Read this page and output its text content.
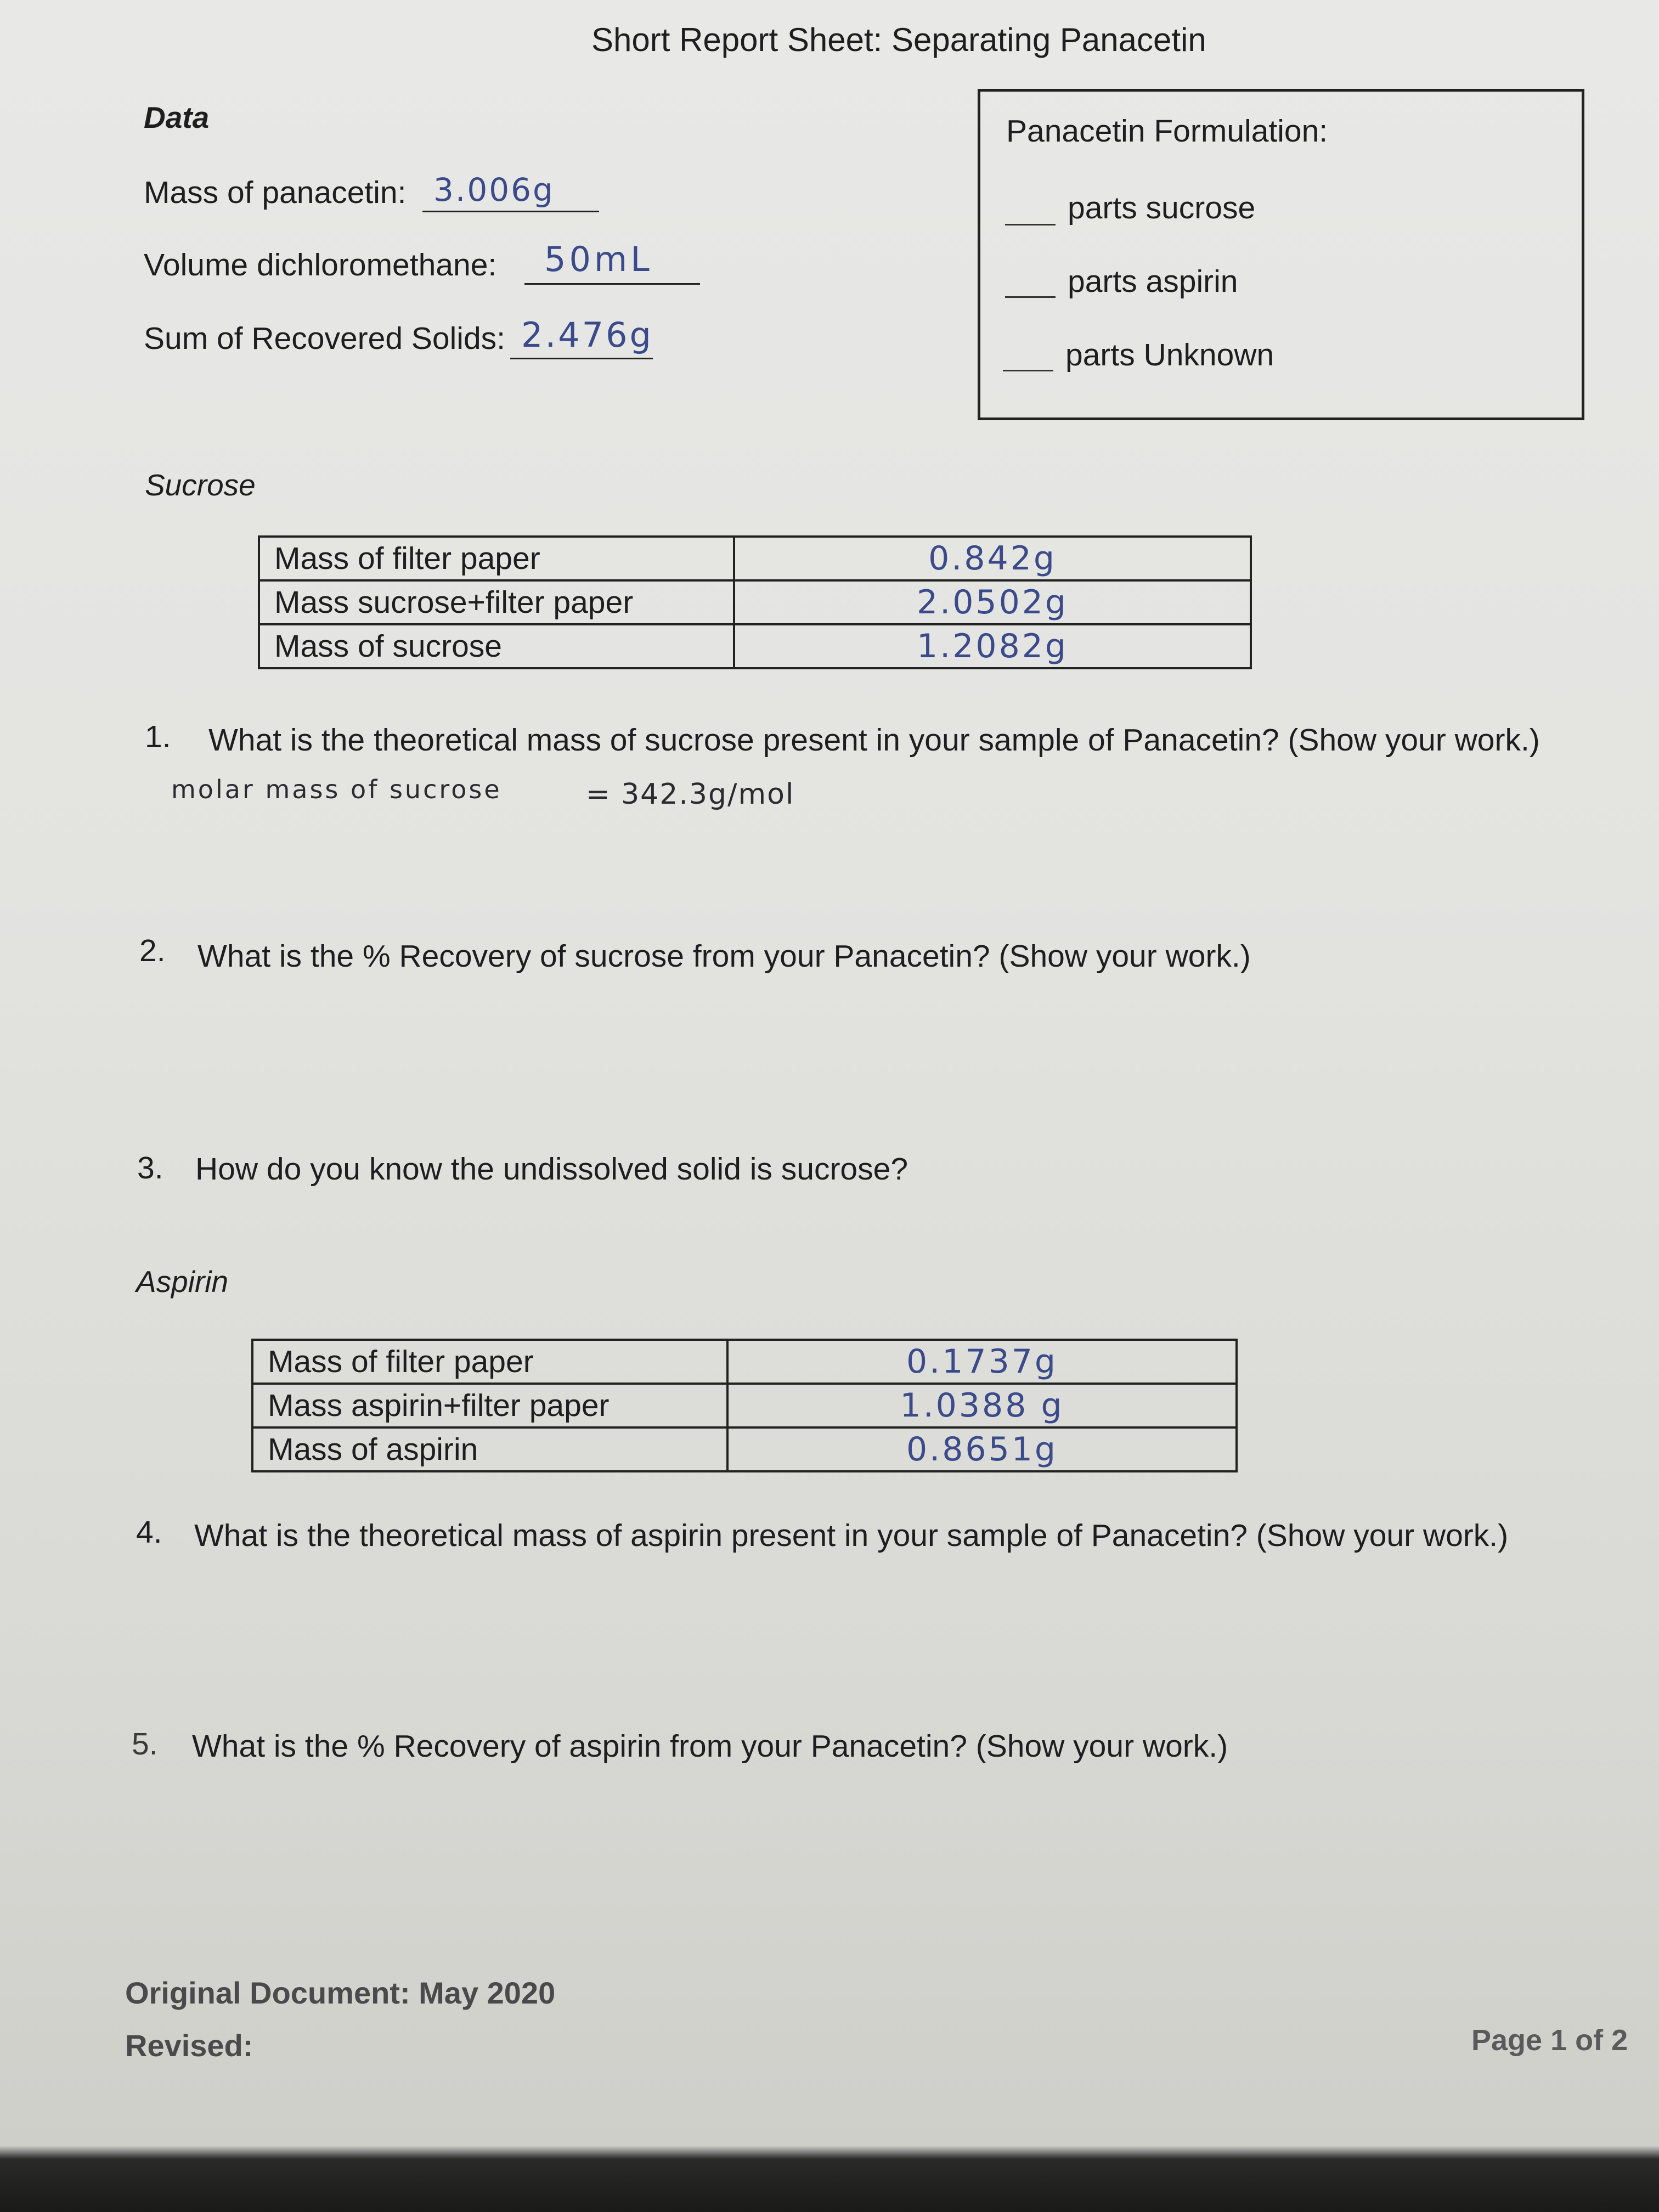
Short Report Sheet: Separating Panacetin
Data
Mass of panacetin: 3.006g
Volume dichloromethane: 50mL
Sum of Recovered Solids: 2.476g
Panacetin Formulation:
parts sucrose
parts aspirin
parts Unknown
Sucrose
Mass of filter paper	0.842g
Mass sucrose+filter paper	2.0502g
Mass of sucrose	1.2082g
1. What is the theoretical mass of sucrose present in your sample of Panacetin? (Show your work.)
molar mass of sucrose	= 342.3g/mol
2. What is the % Recovery of sucrose from your Panacetin? (Show your work.)
3. How do you know the undissolved solid is sucrose?
Aspirin
Mass of filter paper	0.1737g
Mass aspirin+filter paper	1.0388 g
Mass of aspirin	0.8651g
4. What is the theoretical mass of aspirin present in your sample of Panacetin? (Show your work.)
5. What is the % Recovery of aspirin from your Panacetin? (Show your work.)
Original Document: May 2020
Revised:	Page 1 of 2
